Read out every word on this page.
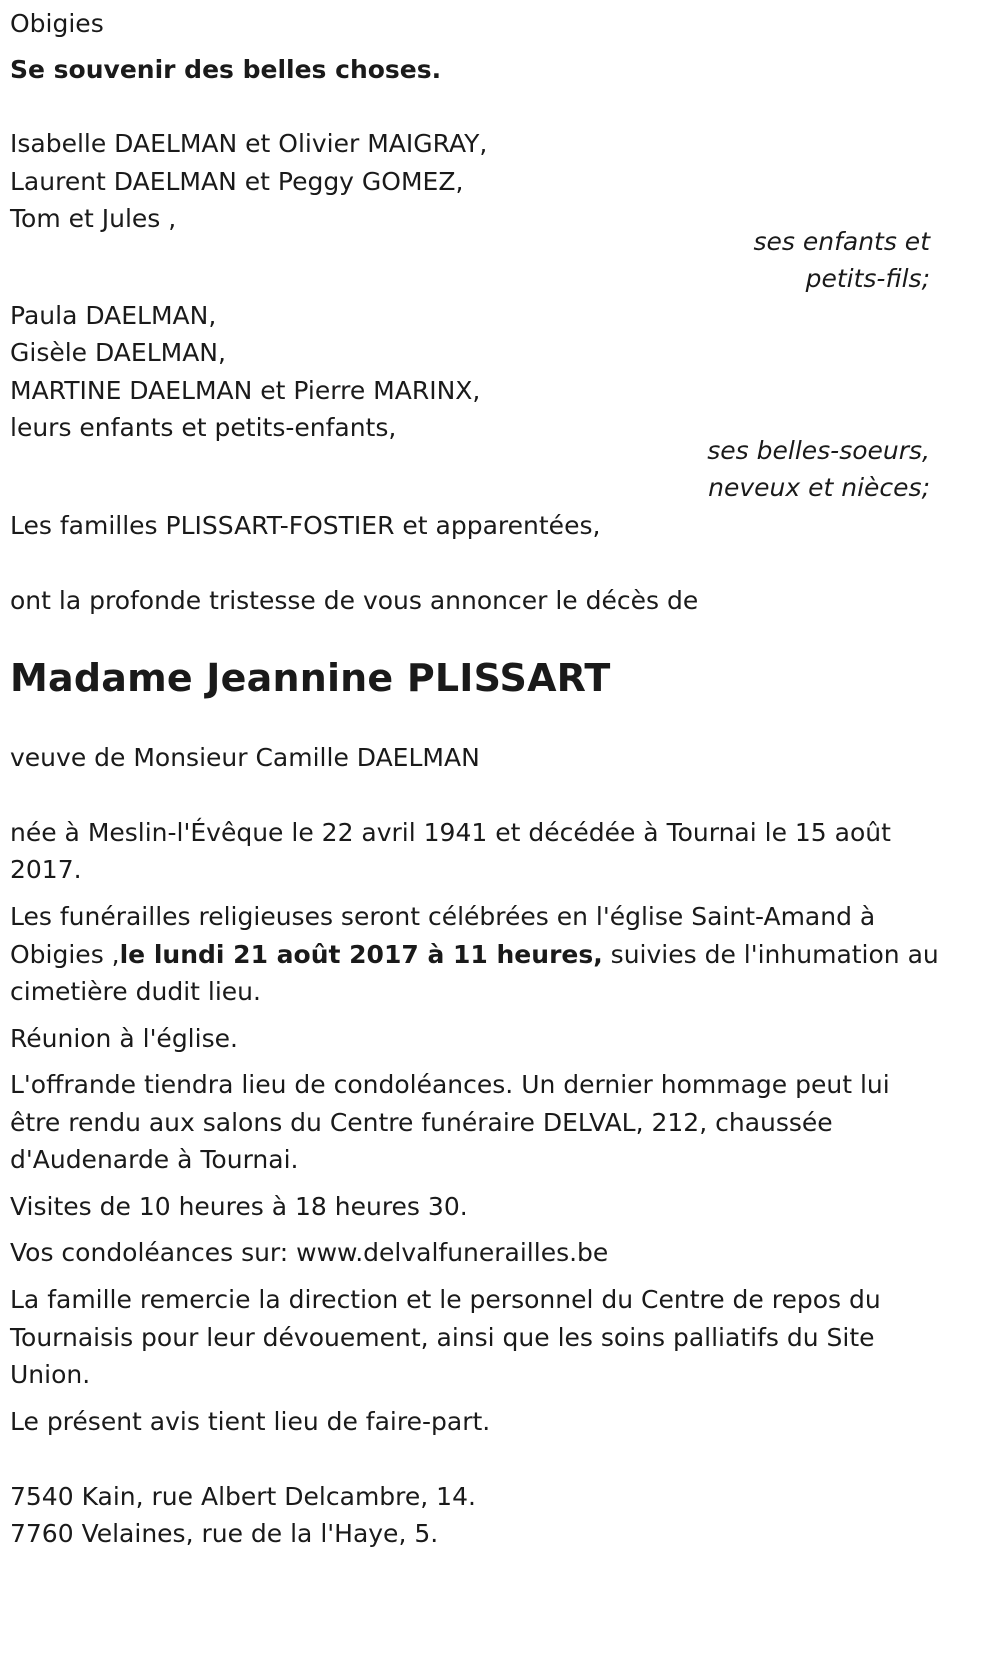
Obigies
Se souvenir des belles choses.
Isabelle DAELMAN et Olivier MAIGRAY,
Laurent DAELMAN et Peggy GOMEZ,
Tom et Jules ,
ses enfants et
petits-fils;
Paula DAELMAN,
Gisèle DAELMAN,
MARTINE DAELMAN et Pierre MARINX,
leurs enfants et petits-enfants,
ses belles-soeurs,
neveux et nièces;
Les familles PLISSART-FOSTIER et apparentées,
ont la profonde tristesse de vous annoncer le décès de
Madame Jeannine PLISSART
veuve de Monsieur Camille DAELMAN
née à Meslin-l'Évêque le 22 avril 1941 et décédée à Tournai le 15 août
2017.
Les funérailles religieuses seront célébrées en l'église Saint-Amand à
Obigies ,le lundi 21 août 2017 à 11 heures, suivies de l'inhumation au
cimetière dudit lieu.
Réunion à l'église.
L'offrande tiendra lieu de condoléances. Un dernier hommage peut lui
être rendu aux salons du Centre funéraire DELVAL, 212, chaussée
d'Audenarde à Tournai.
Visites de 10 heures à 18 heures 30.
Vos condoléances sur: www.delvalfunerailles.be
La famille remercie la direction et le personnel du Centre de repos du
Tournaisis pour leur dévouement, ainsi que les soins palliatifs du Site
Union.
Le présent avis tient lieu de faire-part.
7540 Kain, rue Albert Delcambre, 14.
7760 Velaines, rue de la l'Haye, 5.
